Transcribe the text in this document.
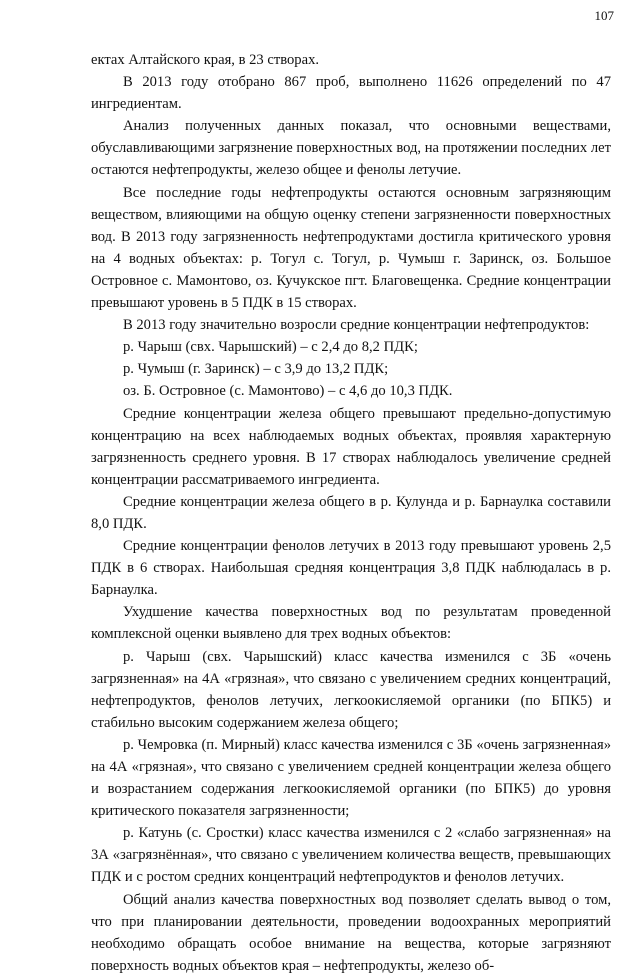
107

ектах Алтайского края, в 23 створах.

В 2013 году отобрано 867 проб, выполнено 11626 определений по 47 ингредиентам.

Анализ полученных данных показал, что основными веществами, обуславливающими загрязнение поверхностных вод, на протяжении последних лет остаются нефтепродукты, железо общее и фенолы летучие.

Все последние годы нефтепродукты остаются основным загрязняющим веществом, влияющими на общую оценку степени загрязненности поверхностных вод. В 2013 году загрязненность нефтепродуктами достигла критического уровня на 4 водных объектах: р. Тогул с. Тогул, р. Чумыш г. Заринск, оз. Большое Островное с. Мамонтово, оз. Кучукское пгт. Благовещенка. Средние концентрации превышают уровень в 5 ПДК в 15 створах.

В 2013 году значительно возросли средние концентрации нефтепродуктов:

р. Чарыш (свх. Чарышский) – с 2,4 до 8,2 ПДК;

р. Чумыш (г. Заринск) – с 3,9 до 13,2 ПДК;

оз. Б. Островное (с. Мамонтово) – с 4,6 до 10,3 ПДК.

Средние концентрации железа общего превышают предельно-допустимую концентрацию на всех наблюдаемых водных объектах, проявляя характерную загрязненность среднего уровня. В 17 створах наблюдалось увеличение средней концентрации рассматриваемого ингредиента.

Средние концентрации железа общего в р. Кулунда и р. Барнаулка составили 8,0 ПДК.

Средние концентрации фенолов летучих в 2013 году превышают уровень 2,5 ПДК в 6 створах. Наибольшая средняя концентрация 3,8 ПДК наблюдалась в р. Барнаулка.

Ухудшение качества поверхностных вод по результатам проведенной комплексной оценки выявлено для трех водных объектов:

р. Чарыш (свх. Чарышский) класс качества изменился с 3Б «очень загрязненная» на 4А «грязная», что связано с увеличением средних концентраций, нефтепродуктов, фенолов летучих, легкоокисляемой органики (по БПК5) и стабильно высоким содержанием железа общего;

р. Чемровка (п. Мирный) класс качества изменился с 3Б «очень загрязненная» на 4А «грязная», что связано с увеличением средней концентрации железа общего и возрастанием содержания легкоокисляемой органики (по БПК5) до уровня критического показателя загрязненности;

р. Катунь (с. Сростки) класс качества изменился с 2 «слабо загрязненная» на 3А «загрязнённая», что связано с увеличением количества веществ, превышающих ПДК и с ростом средних концентраций нефтепродуктов и фенолов летучих.

Общий анализ качества поверхностных вод позволяет сделать вывод о том, что при планировании деятельности, проведении водоохранных мероприятий необходимо обращать особое внимание на вещества, которые загрязняют поверхность водных объектов края – нефтепродукты, железо об-
